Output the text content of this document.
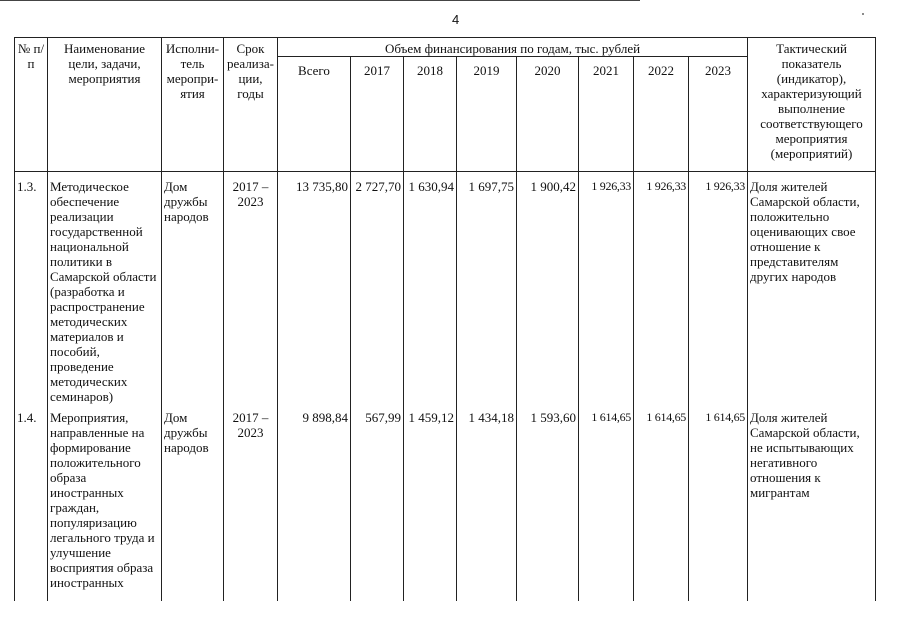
4
№ п/п	Наименование цели, задачи, мероприятия	Исполни-тель меропри-ятия	Срок реализа-ции, годы	Объем финансирования по годам, тыс. рублей								Тактический показатель (индикатор), характеризующий выполнение соответствующего мероприятия (мероприятий)
				Всего	2017	2018	2019	2020	2021	2022	2023	
1.3.	Методическое обеспечение реализации государственной национальной политики в Самарской области (разработка и распространение методических материалов и пособий, проведение методических семинаров)	Дом дружбы народов	2017 – 2023	13 735,80	2 727,70	1 630,94	1 697,75	1 900,42	1 926,33	1 926,33	1 926,33	Доля жителей Самарской области, положительно оценивающих свое отношение к представителям других народов
1.4.	Мероприятия, направленные на формирование положительного образа иностранных граждан, популяризацию легального труда и улучшение восприятия образа иностранных	Дом дружбы народов	2017 – 2023	9 898,84	567,99	1 459,12	1 434,18	1 593,60	1 614,65	1 614,65	1 614,65	Доля жителей Самарской области, не испытывающих негативного отношения к мигрантам
